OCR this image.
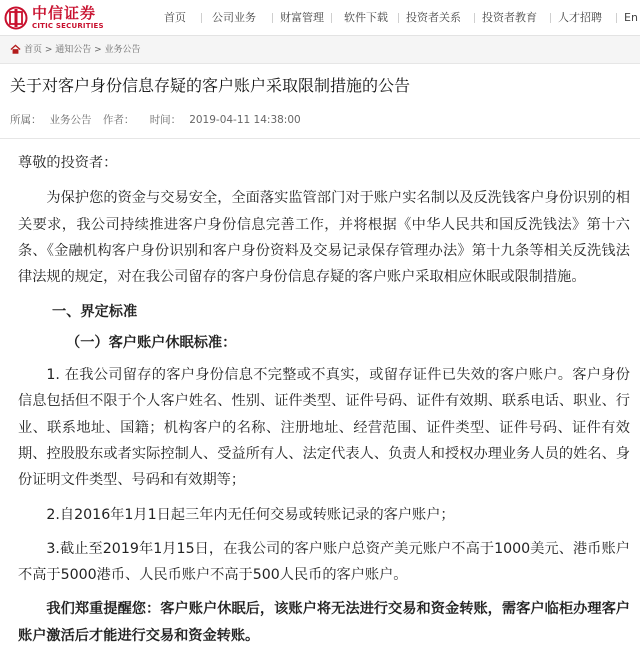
中信证券
CITIC SECURITIES
首页 公司业务 财富管理 软件下载 投资者关系 投资者教育 人才招聘 En
首页 > 通知公告 > 业务公告
关于对客户身份信息存疑的客户账户采取限制措施的公告
所属： 业务公告 作者： 时间： 2019-04-11 14:38:00

尊敬的投资者：

为保护您的资金与交易安全，全面落实监管部门对于账户实名制以及反洗钱客户身份识别的相关要求，我公司持续推进客户身份信息完善工作，并将根据《中华人民共和国反洗钱法》第十六条、《金融机构客户身份识别和客户身份资料及交易记录保存管理办法》第十九条等相关反洗钱法律法规的规定，对在我公司留存的客户身份信息存疑的客户账户采取相应休眠或限制措施。

一、界定标准

（一）客户账户休眠标准：

1. 在我公司留存的客户身份信息不完整或不真实，或留存证件已失效的客户账户。客户身份信息包括但不限于个人客户姓名、性别、证件类型、证件号码、证件有效期、联系电话、职业、行业、联系地址、国籍；机构客户的名称、注册地址、经营范围、证件类型、证件号码、证件有效期、控股股东或者实际控制人、受益所有人、法定代表人、负责人和授权办理业务人员的姓名、身份证明文件类型、号码和有效期等；

2.自2016年1月1日起三年内无任何交易或转账记录的客户账户；

3.截止至2019年1月15日，在我公司的客户账户总资产美元账户不高于1000美元、港币账户不高于5000港币、人民币账户不高于500人民币的客户账户。

我们郑重提醒您：客户账户休眠后，该账户将无法进行交易和资金转账，需客户临柜办理客户账户激活后才能进行交易和资金转账。
